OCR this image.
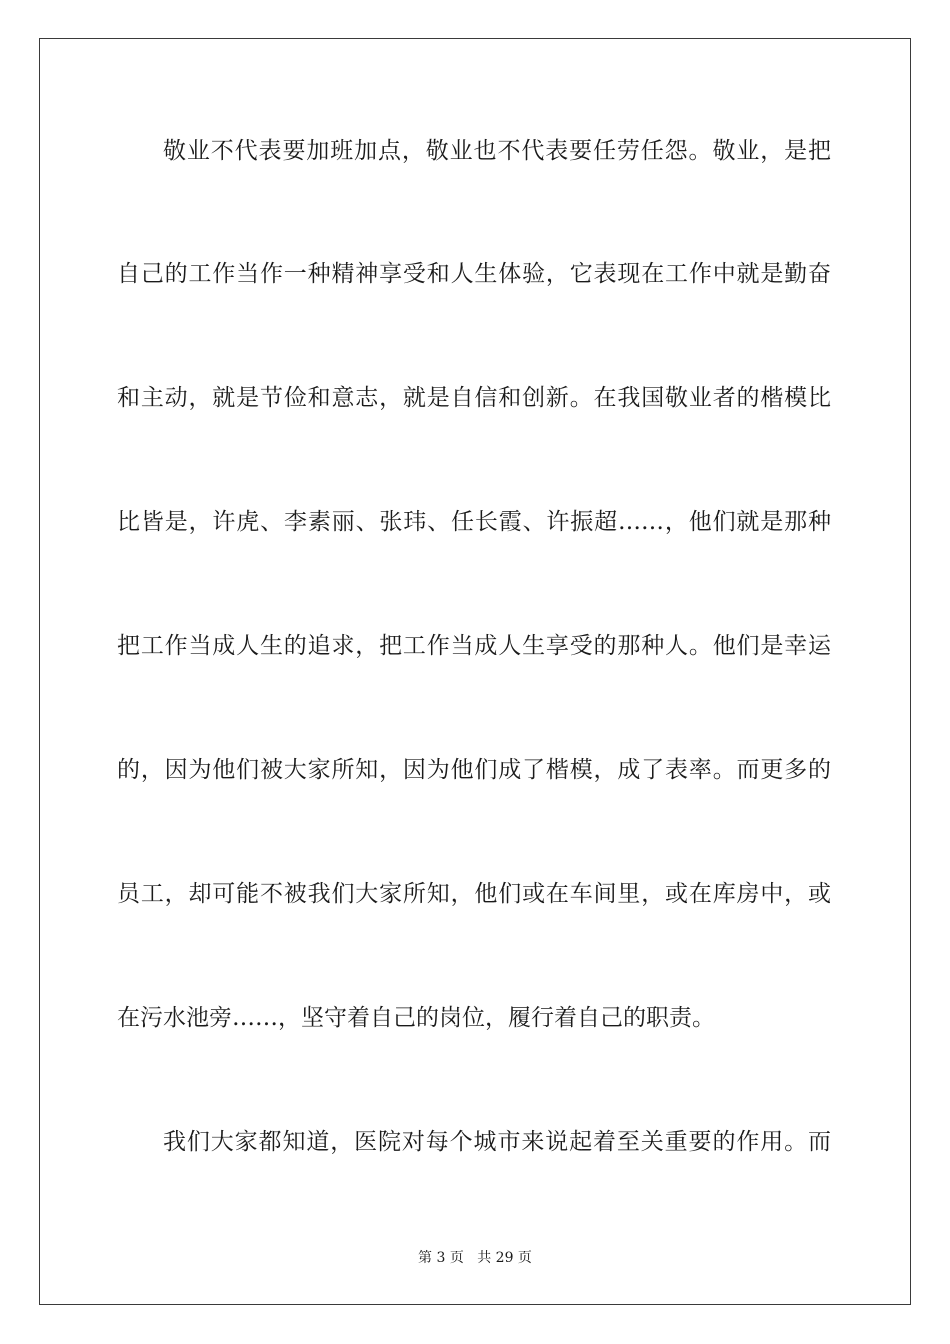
敬业不代表要加班加点，敬业也不代表要任劳任怨。敬业，是把
自己的工作当作一种精神享受和人生体验，它表现在工作中就是勤奋
和主动，就是节俭和意志，就是自信和创新。在我国敬业者的楷模比
比皆是，许虎、李素丽、张玮、任长霞、许振超……，他们就是那种
把工作当成人生的追求，把工作当成人生享受的那种人。他们是幸运
的，因为他们被大家所知，因为他们成了楷模，成了表率。而更多的
员工，却可能不被我们大家所知，他们或在车间里，或在库房中，或
在污水池旁……，坚守着自己的岗位，履行着自己的职责。
我们大家都知道，医院对每个城市来说起着至关重要的作用。而
第 3 页 共 29 页
